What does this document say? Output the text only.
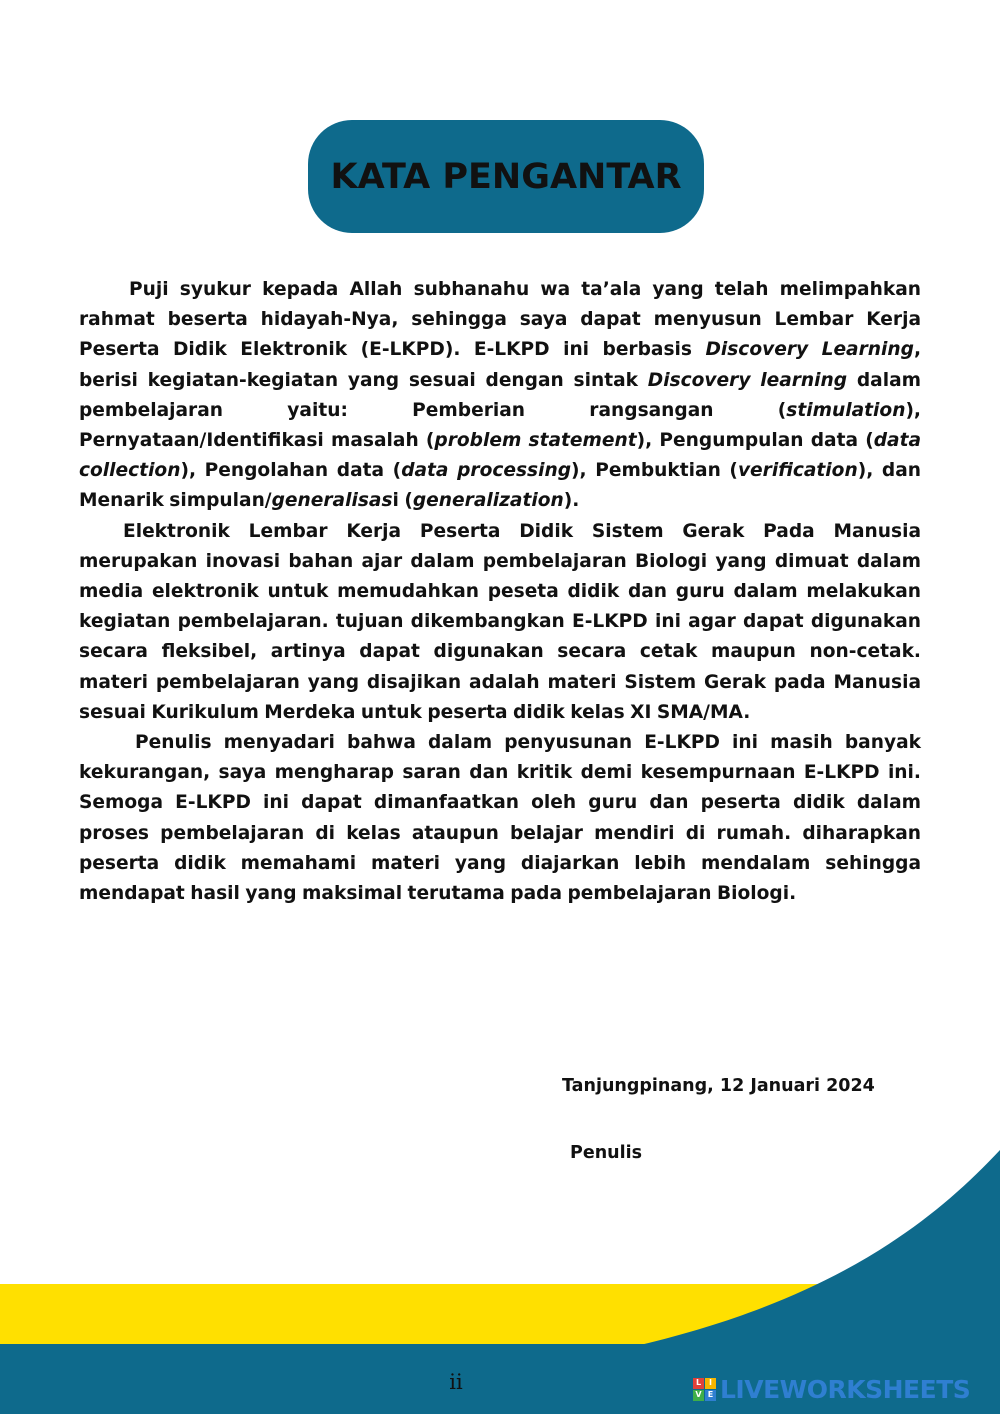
KATA PENGANTAR

Puji syukur kepada Allah subhanahu wa ta’ala yang telah melimpahkan rahmat beserta hidayah-Nya, sehingga saya dapat menyusun Lembar Kerja Peserta Didik Elektronik (E-LKPD). E-LKPD ini berbasis Discovery Learning, berisi kegiatan-kegiatan yang sesuai dengan sintak Discovery learning dalam pembelajaran yaitu: Pemberian rangsangan (stimulation), Pernyataan/Identifikasi masalah (problem statement), Pengumpulan data (data collection), Pengolahan data (data processing), Pembuktian (verification), dan Menarik simpulan/generalisasi (generalization).

Elektronik Lembar Kerja Peserta Didik Sistem Gerak Pada Manusia merupakan inovasi bahan ajar dalam pembelajaran Biologi yang dimuat dalam media elektronik untuk memudahkan peseta didik dan guru dalam melakukan kegiatan pembelajaran. tujuan dikembangkan E-LKPD ini agar dapat digunakan secara fleksibel, artinya dapat digunakan secara cetak maupun non-cetak. materi pembelajaran yang disajikan adalah materi Sistem Gerak pada Manusia sesuai Kurikulum Merdeka untuk peserta didik kelas XI SMA/MA.

Penulis menyadari bahwa dalam penyusunan E-LKPD ini masih banyak kekurangan, saya mengharap saran dan kritik demi kesempurnaan E-LKPD ini. Semoga E-LKPD ini dapat dimanfaatkan oleh guru dan peserta didik dalam proses pembelajaran di kelas ataupun belajar mendiri di rumah. diharapkan peserta didik memahami materi yang diajarkan lebih mendalam sehingga mendapat hasil yang maksimal terutama pada pembelajaran Biologi.

Tanjungpinang, 12 Januari 2024
Penulis
ii	L I
V E LIVEWORKSHEETS
